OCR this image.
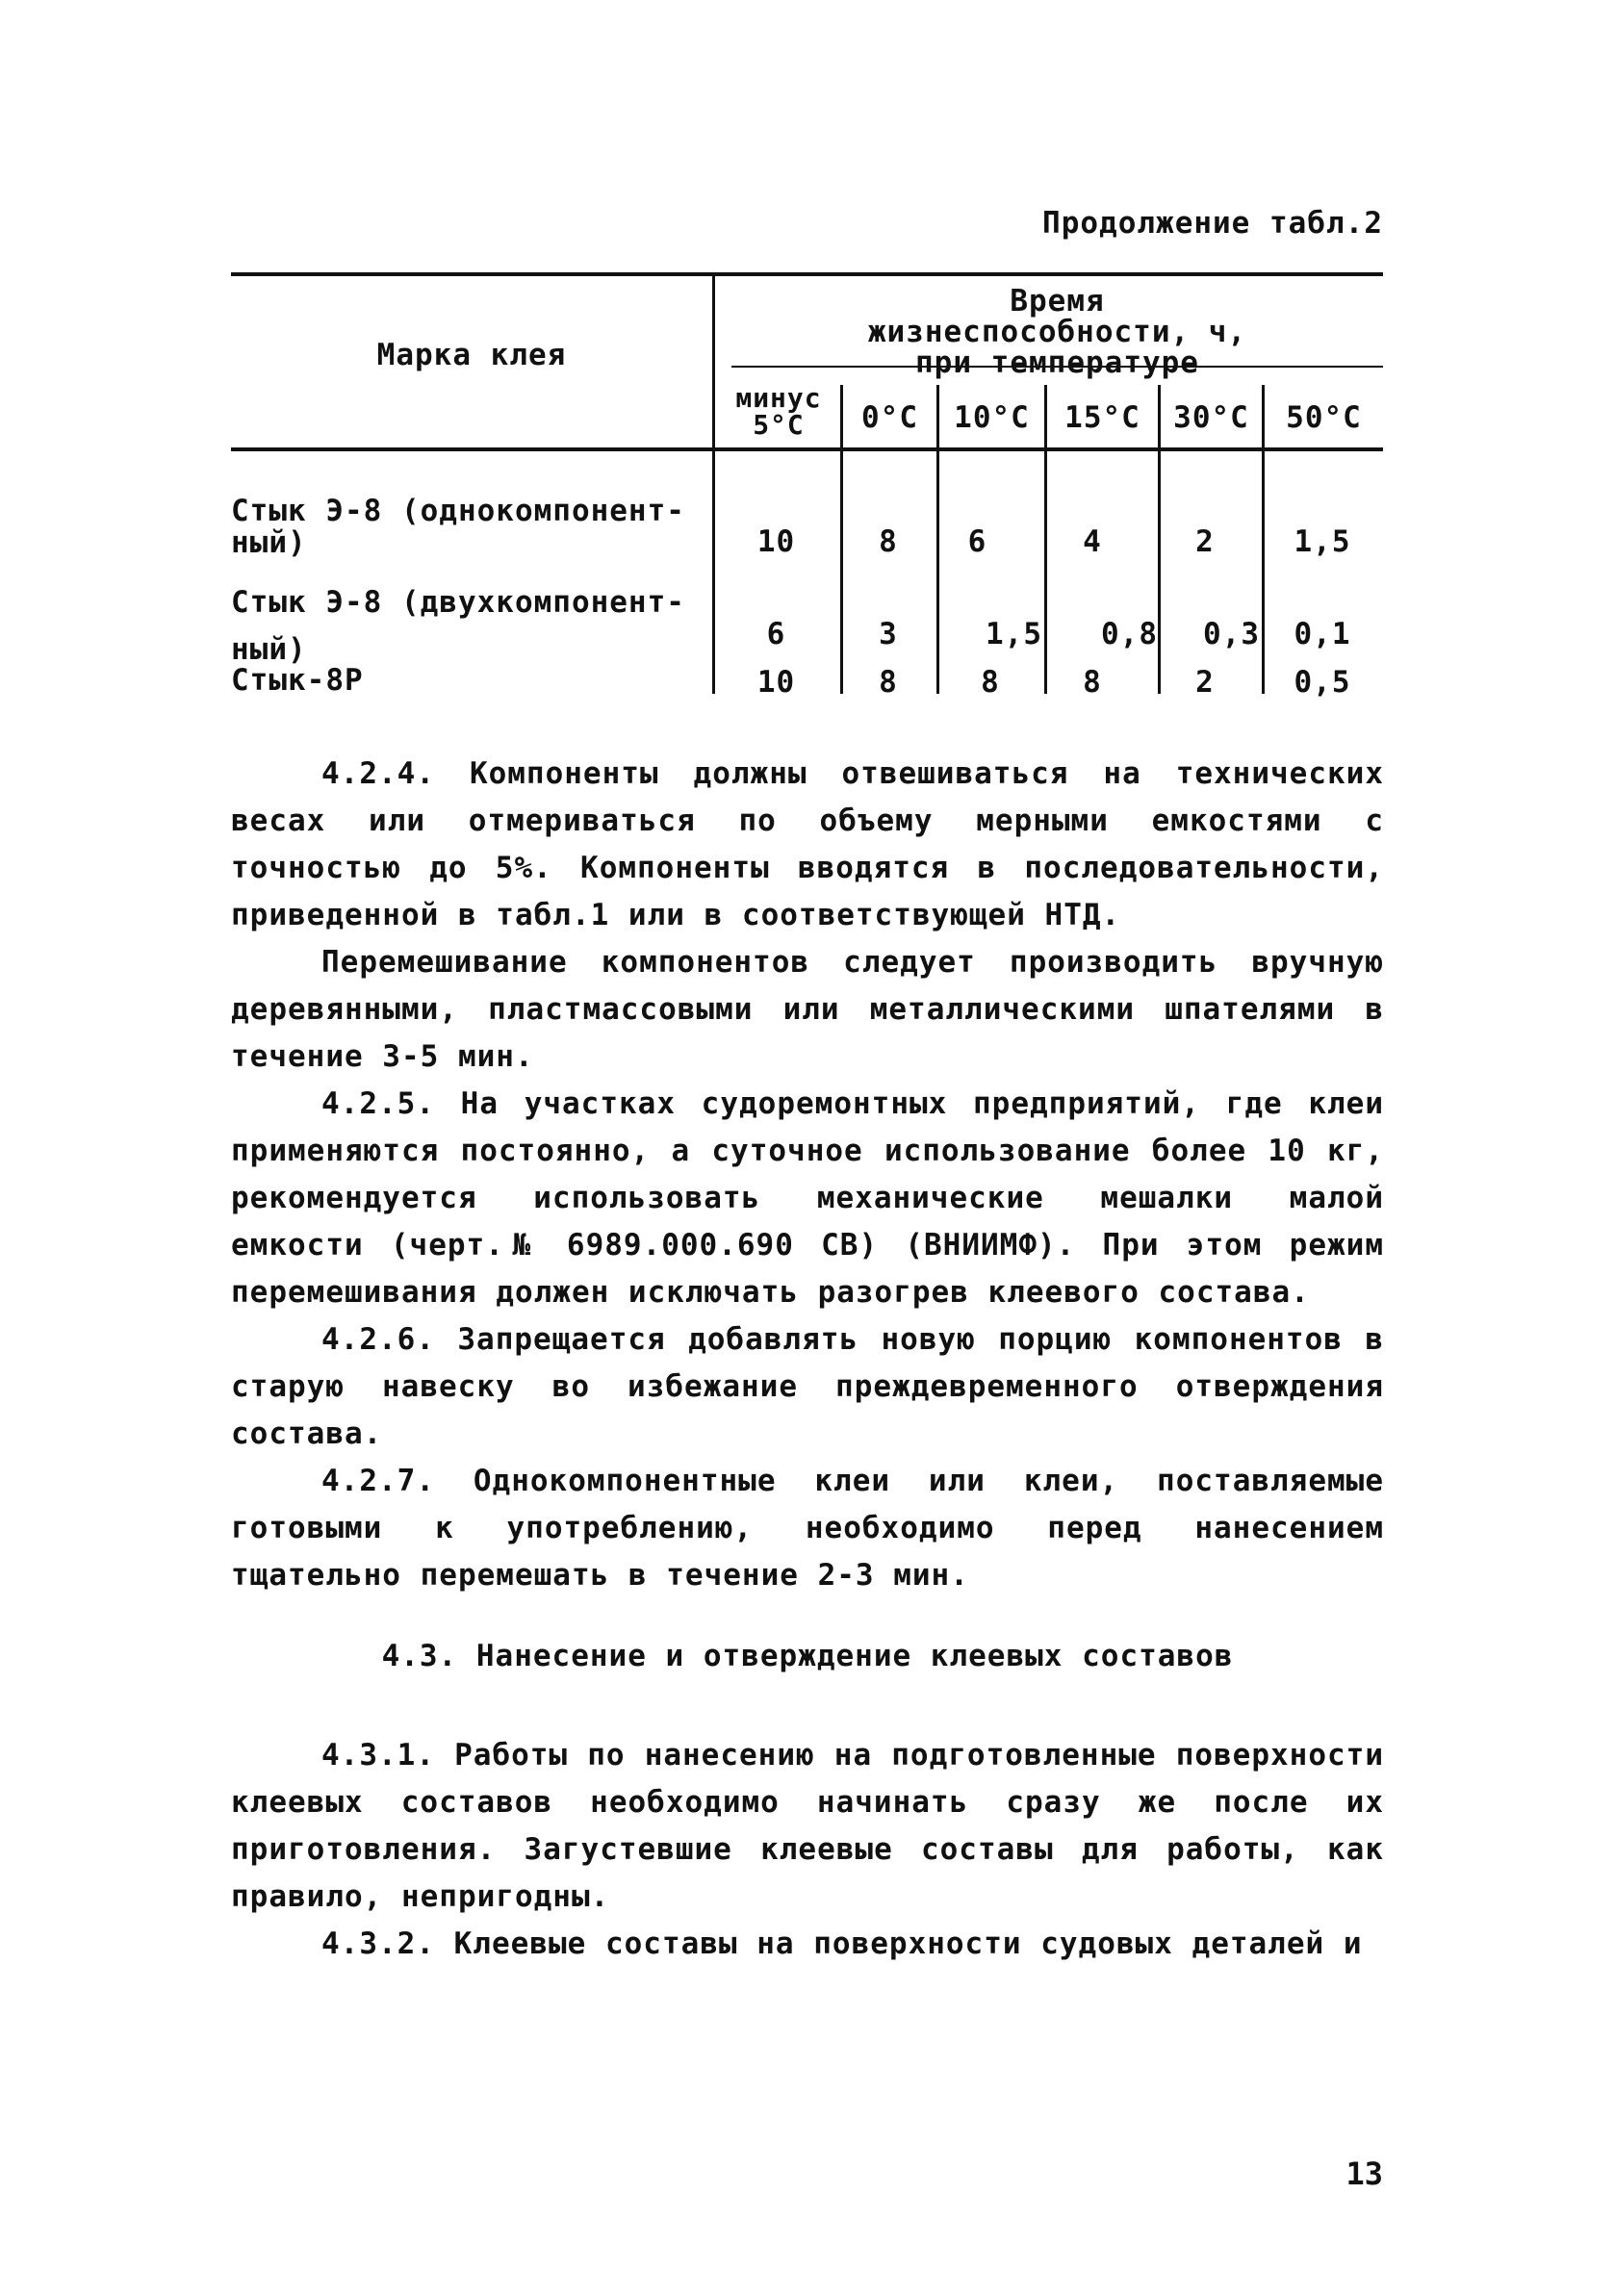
Продолжение табл.2
Марка клея
Время жизнеспособности, ч, при температуре
минус 5°С	0°С	10°С	15°С	30°С	50°С
Стык Э-8 (однокомпонент-
ный)	10	8	6	4	2	1,5
Стык Э-8 (двухкомпонент-
ный)	6	3	1,5	0,8	0,3	0,1
Стык-8Р	10	8	8	8	2	0,5

4.2.4. Компоненты должны отвешиваться на технических весах или отмериваться по объему мерными емкостями с точностью до 5%. Компоненты вводятся в последовательности, приведенной в табл.1 или в соответствующей НТД.

Перемешивание компонентов следует производить вручную деревянными, пластмассовыми или металлическими шпателями в течение 3-5 мин.

4.2.5. На участках судоремонтных предприятий, где клеи применяются постоянно, а суточное использование более 10 кг, рекомендуется использовать механические мешалки малой емкости (черт.№ 6989.000.690 СВ) (ВНИИМФ). При этом режим перемешивания должен исключать разогрев клеевого состава.

4.2.6. Запрещается добавлять новую порцию компонентов в старую навеску во избежание преждевременного отверждения состава.

4.2.7. Однокомпонентные клеи или клеи, поставляемые готовыми к употреблению, необходимо перед нанесением тщательно перемешать в течение 2-3 мин.

4.3. Нанесение и отверждение клеевых составов

4.3.1. Работы по нанесению на подготовленные поверхности клеевых составов необходимо начинать сразу же после их приготовления. Загустевшие клеевые составы для работы, как правило, непригодны.

4.3.2. Клеевые составы на поверхности судовых деталей и

13
